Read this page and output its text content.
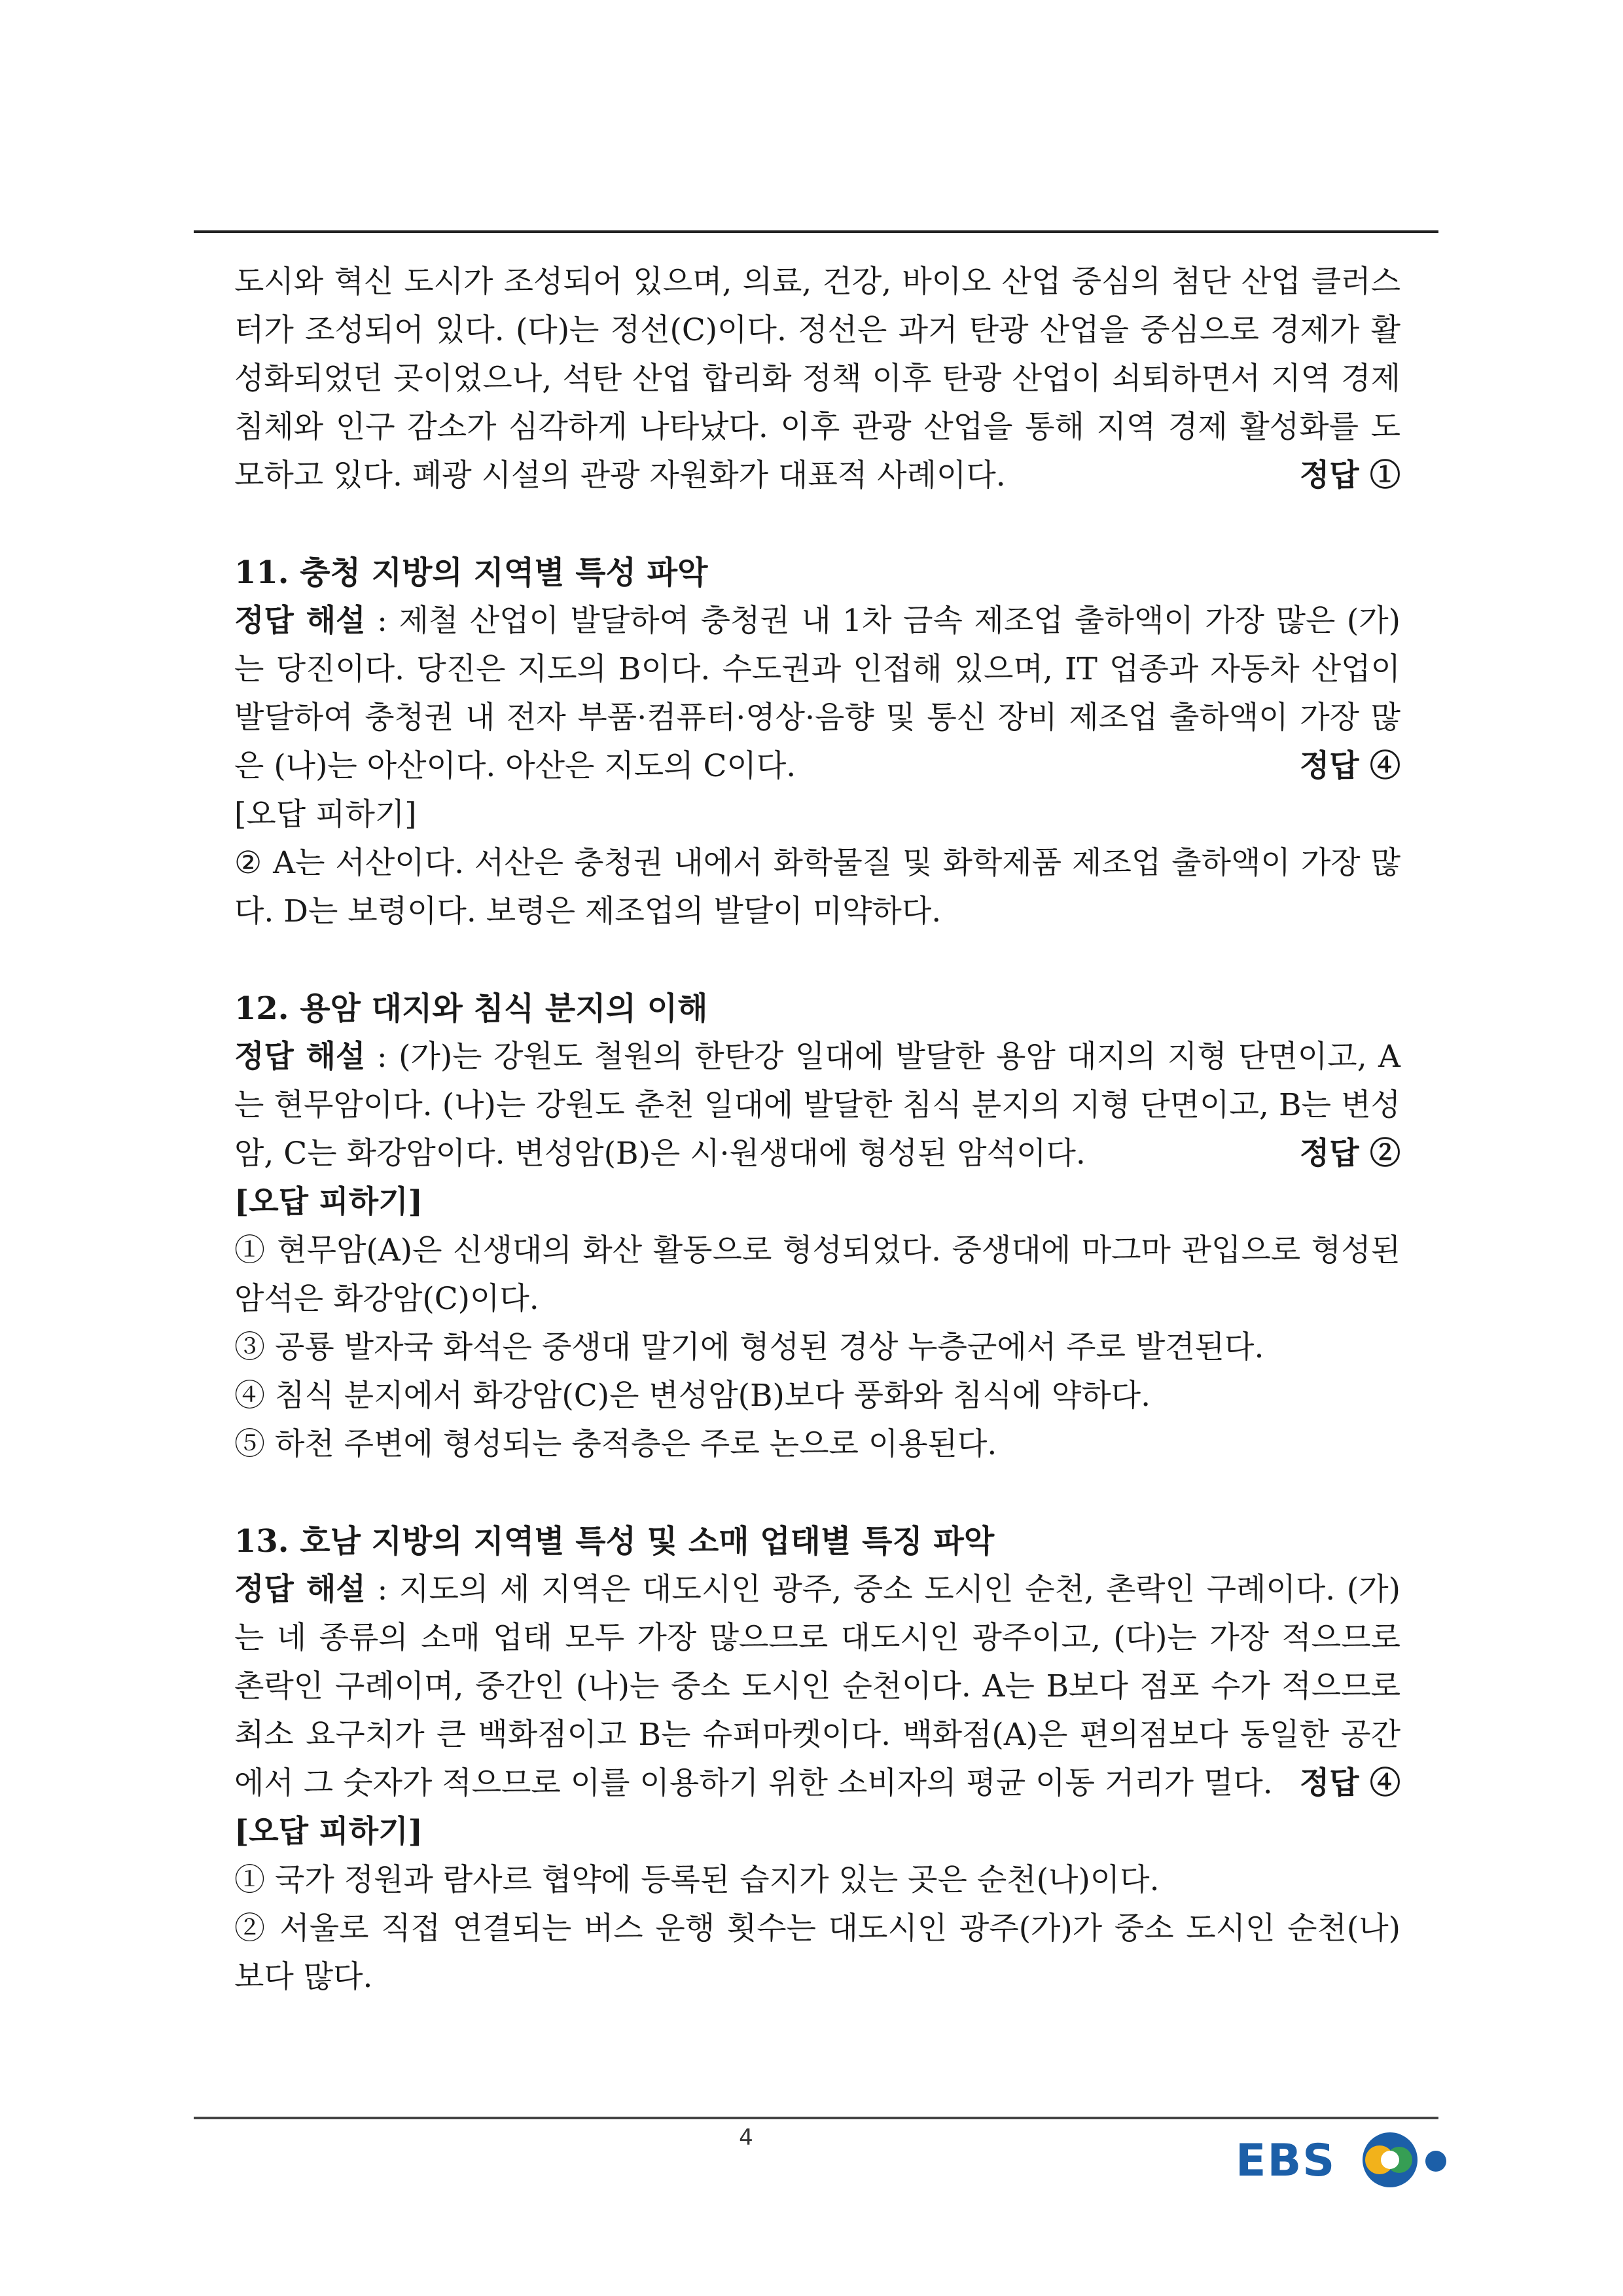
도시와 혁신 도시가 조성되어 있으며, 의료, 건강, 바이오 산업 중심의 첨단 산업 클러스터가 조성되어 있다. (다)는 정선(C)이다. 정선은 과거 탄광 산업을 중심으로 경제가 활성화되었던 곳이었으나, 석탄 산업 합리화 정책 이후 탄광 산업이 쇠퇴하면서 지역 경제 침체와 인구 감소가 심각하게 나타났다. 이후 관광 산업을 통해 지역 경제 활성화를 도모하고 있다. 폐광 시설의 관광 자원화가 대표적 사례이다.	정답 ①

11. 충청 지방의 지역별 특성 파악

정답 해설 : 제철 산업이 발달하여 충청권 내 1차 금속 제조업 출하액이 가장 많은 (가)는 당진이다. 당진은 지도의 B이다. 수도권과 인접해 있으며, IT 업종과 자동차 산업이 발달하여 충청권 내 전자 부품·컴퓨터·영상·음향 및 통신 장비 제조업 출하액이 가장 많은 (나)는 아산이다. 아산은 지도의 C이다.	정답 ④

[오답 피하기]

② A는 서산이다. 서산은 충청권 내에서 화학물질 및 화학제품 제조업 출하액이 가장 많다. D는 보령이다. 보령은 제조업의 발달이 미약하다.

12. 용암 대지와 침식 분지의 이해

정답 해설 : (가)는 강원도 철원의 한탄강 일대에 발달한 용암 대지의 지형 단면이고, A는 현무암이다. (나)는 강원도 춘천 일대에 발달한 침식 분지의 지형 단면이고, B는 변성암, C는 화강암이다. 변성암(B)은 시·원생대에 형성된 암석이다.	정답 ②

[오답 피하기]

① 현무암(A)은 신생대의 화산 활동으로 형성되었다. 중생대에 마그마 관입으로 형성된 암석은 화강암(C)이다.

③ 공룡 발자국 화석은 중생대 말기에 형성된 경상 누층군에서 주로 발견된다.

④ 침식 분지에서 화강암(C)은 변성암(B)보다 풍화와 침식에 약하다.

⑤ 하천 주변에 형성되는 충적층은 주로 논으로 이용된다.

13. 호남 지방의 지역별 특성 및 소매 업태별 특징 파악

정답 해설 : 지도의 세 지역은 대도시인 광주, 중소 도시인 순천, 촌락인 구례이다. (가)는 네 종류의 소매 업태 모두 가장 많으므로 대도시인 광주이고, (다)는 가장 적으므로 촌락인 구례이며, 중간인 (나)는 중소 도시인 순천이다. A는 B보다 점포 수가 적으므로 최소 요구치가 큰 백화점이고 B는 슈퍼마켓이다. 백화점(A)은 편의점보다 동일한 공간에서 그 숫자가 적으므로 이를 이용하기 위한 소비자의 평균 이동 거리가 멀다. 정답 ④

[오답 피하기]

① 국가 정원과 람사르 협약에 등록된 습지가 있는 곳은 순천(나)이다.

② 서울로 직접 연결되는 버스 운행 횟수는 대도시인 광주(가)가 중소 도시인 순천(나)보다 많다.

4	EBS
